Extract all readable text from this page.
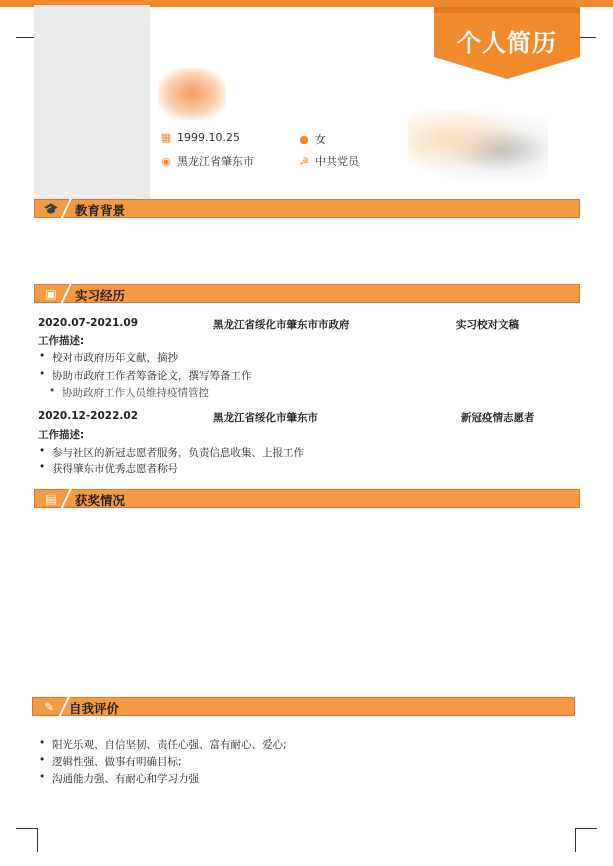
个人简历
▦ 1999.10.25	● 女
◉ 黑龙江省肇东市	☭ 中共党员
🎓	教育背景
▣	实习经历
2020.07-2021.09	黑龙江省绥化市肇东市市政府	实习校对文稿
工作描述:
• 校对市政府历年文献，摘抄
• 协助市政府工作者筹备论文，撰写筹备工作
• 协助政府工作人员维持疫情管控
2020.12-2022.02	黑龙江省绥化市肇东市	新冠疫情志愿者
工作描述:
• 参与社区的新冠志愿者服务，负责信息收集、上报工作
• 获得肇东市优秀志愿者称号
▤	获奖情况
✎	自我评价
• 阳光乐观、自信坚韧、责任心强、富有耐心、爱心;
• 逻辑性强、做事有明确目标;
• 沟通能力强、有耐心和学习力强
